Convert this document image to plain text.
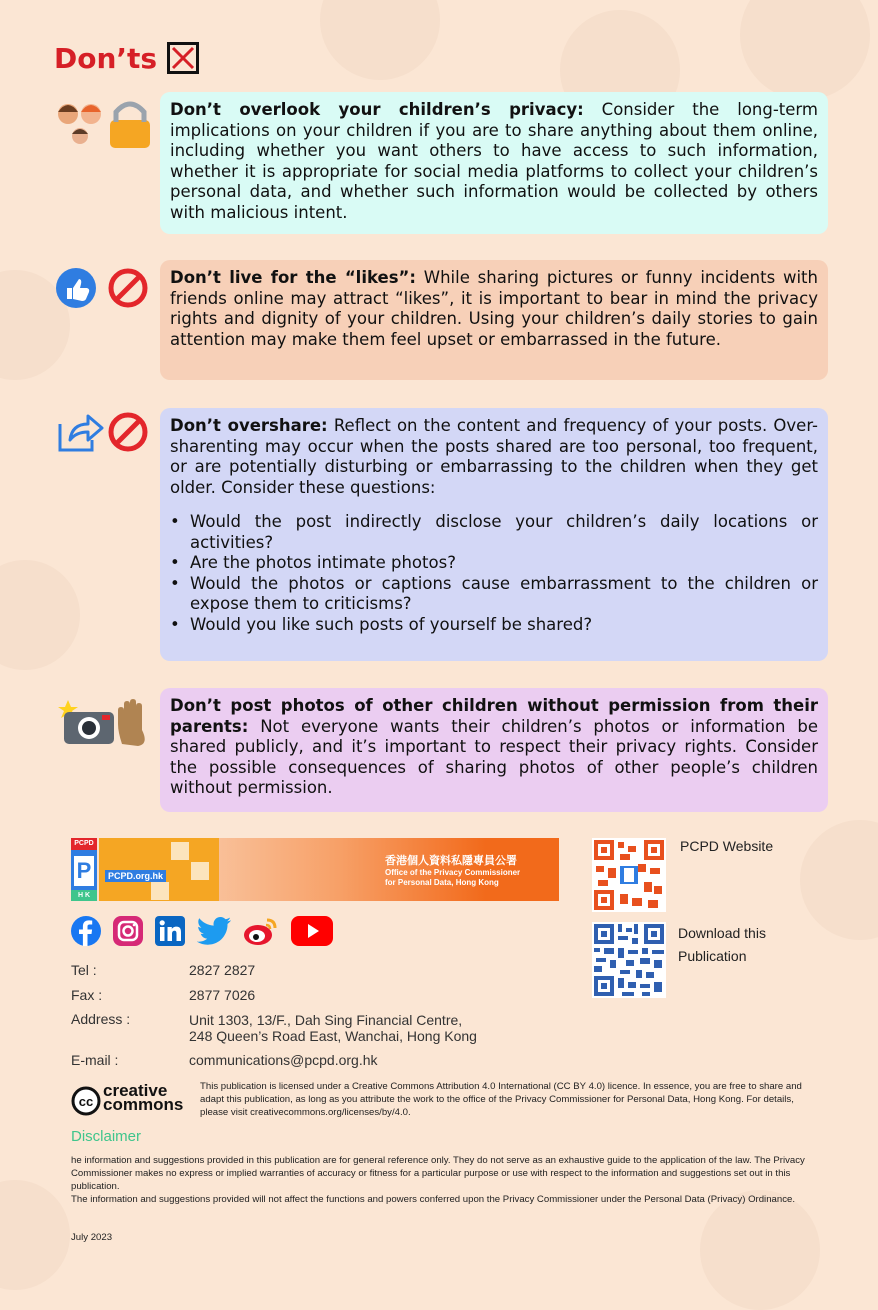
Don’ts
Don’t overlook your children’s privacy: Consider the long-term implications on your children if you are to share anything about them online, including whether you want others to have access to such information, whether it is appropriate for social media platforms to collect your children’s personal data, and whether such information would be collected by others with malicious intent.
Don’t live for the “likes”: While sharing pictures or funny incidents with friends online may attract “likes”, it is important to bear in mind the privacy rights and dignity of your children. Using your children’s daily stories to gain attention may make them feel upset or embarrassed in the future.
Don’t overshare: Reflect on the content and frequency of your posts. Over-sharenting may occur when the posts shared are too personal, too frequent, or are potentially disturbing or embarrassing to the children when they get older. Consider these questions:
• Would the post indirectly disclose your children’s daily locations or activities?
• Are the photos intimate photos?
• Would the photos or captions cause embarrassment to the children or expose them to criticisms?
• Would you like such posts of yourself be shared?
Don’t post photos of other children without permission from their parents: Not everyone wants their children’s photos or information be shared publicly, and it’s important to respect their privacy rights. Consider the possible consequences of sharing photos of other people’s children without permission.
PCPD
P
H K
PCPD.org.hk
香港個人資料私隱專員公署
Office of the Privacy Commissioner
for Personal Data, Hong Kong
PCPD Website
Download this
Publication
Tel :	2827 2827
Fax :	2877 7026
Address :	Unit 1303, 13/F., Dah Sing Financial Centre,
248 Queen’s Road East, Wanchai, Hong Kong
E-mail :	communications@pcpd.org.hk
cc
creative
commons
This publication is licensed under a Creative Commons Attribution 4.0 International (CC BY 4.0) licence. In essence, you are free to share and adapt this publication, as long as you attribute the work to the office of the Privacy Commissioner for Personal Data, Hong Kong. For details, please visit creativecommons.org/licenses/by/4.0.
Disclaimer
he information and suggestions provided in this publication are for general reference only. They do not serve as an exhaustive guide to the application of the law. The Privacy Commissioner makes no express or implied warranties of accuracy or fitness for a particular purpose or use with respect to the information and suggestions set out in this publication.
The information and suggestions provided will not affect the functions and powers conferred upon the Privacy Commissioner under the Personal Data (Privacy) Ordinance.
July 2023
